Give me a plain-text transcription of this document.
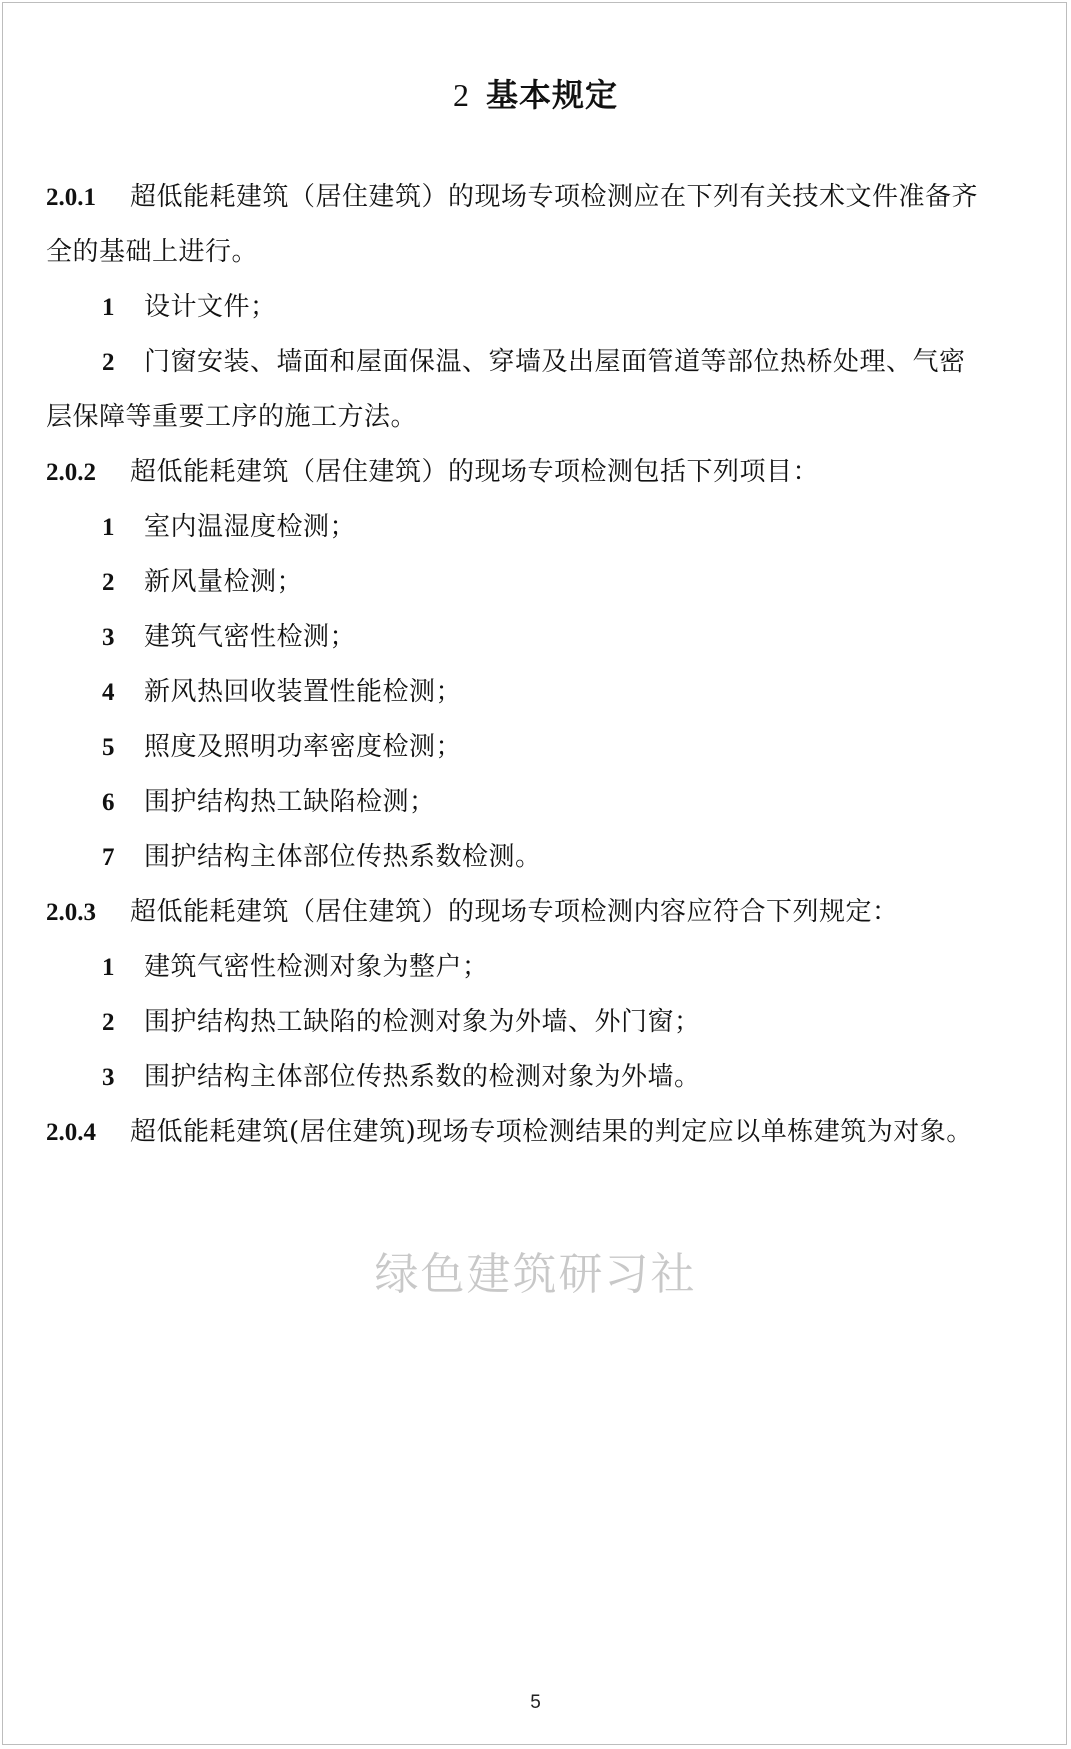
2 基本规定
2.0.1 超低能耗建筑（居住建筑）的现场专项检测应在下列有关技术文件准备齐
全的基础上进行。
1 设计文件；
2 门窗安装、墙面和屋面保温、穿墙及出屋面管道等部位热桥处理、气密
层保障等重要工序的施工方法。
2.0.2 超低能耗建筑（居住建筑）的现场专项检测包括下列项目：
1 室内温湿度检测；
2 新风量检测；
3 建筑气密性检测；
4 新风热回收装置性能检测；
5 照度及照明功率密度检测；
6 围护结构热工缺陷检测；
7 围护结构主体部位传热系数检测。
2.0.3 超低能耗建筑（居住建筑）的现场专项检测内容应符合下列规定：
1 建筑气密性检测对象为整户；
2 围护结构热工缺陷的检测对象为外墙、外门窗；
3 围护结构主体部位传热系数的检测对象为外墙。
2.0.4 超低能耗建筑(居住建筑)现场专项检测结果的判定应以单栋建筑为对象。
绿色建筑研习社
5
